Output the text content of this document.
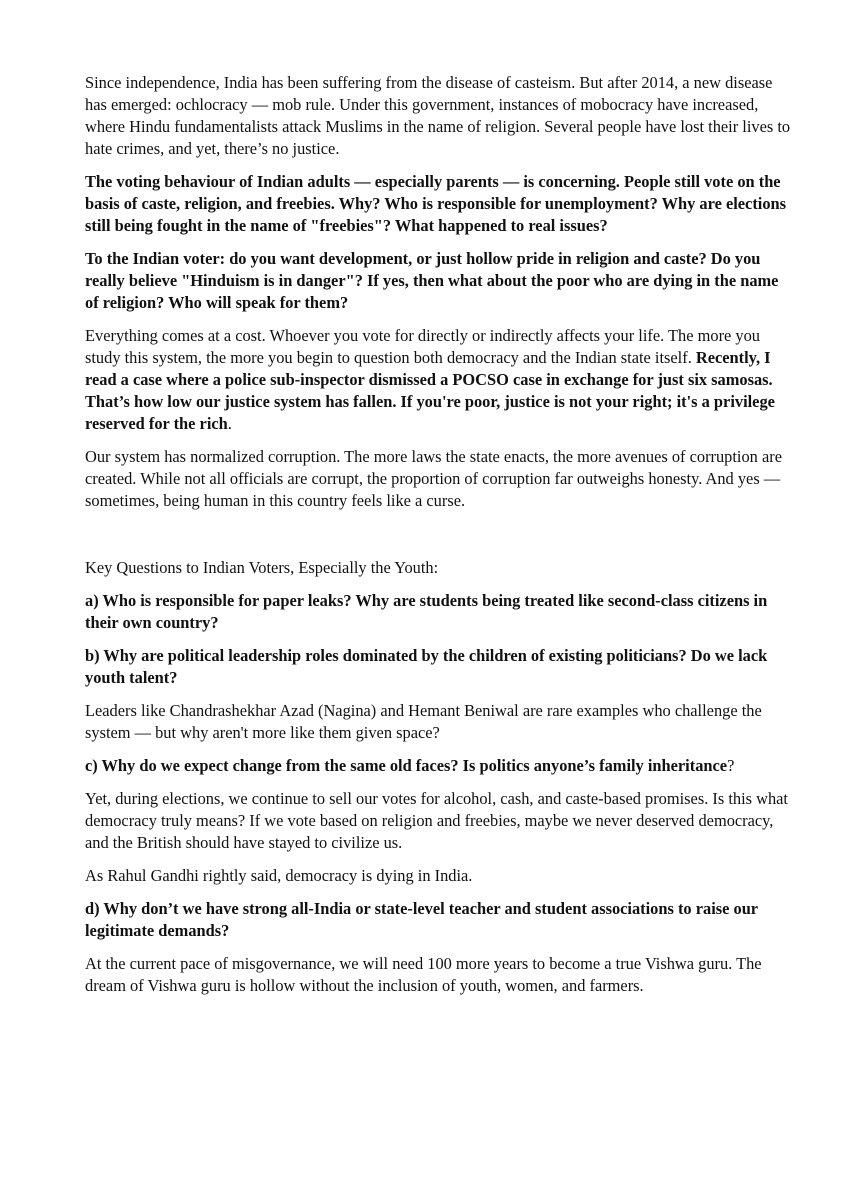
Since independence, India has been suffering from the disease of casteism. But after 2014, a new disease has emerged: ochlocracy — mob rule. Under this government, instances of mobocracy have increased, where Hindu fundamentalists attack Muslims in the name of religion. Several people have lost their lives to hate crimes, and yet, there’s no justice.

The voting behaviour of Indian adults — especially parents — is concerning. People still vote on the basis of caste, religion, and freebies. Why? Who is responsible for unemployment? Why are elections still being fought in the name of "freebies"? What happened to real issues?

To the Indian voter: do you want development, or just hollow pride in religion and caste? Do you really believe "Hinduism is in danger"? If yes, then what about the poor who are dying in the name of religion? Who will speak for them?

Everything comes at a cost. Whoever you vote for directly or indirectly affects your life. The more you study this system, the more you begin to question both democracy and the Indian state itself. Recently, I read a case where a police sub-inspector dismissed a POCSO case in exchange for just six samosas. That’s how low our justice system has fallen. If you're poor, justice is not your right; it's a privilege reserved for the rich.

Our system has normalized corruption. The more laws the state enacts, the more avenues of corruption are created. While not all officials are corrupt, the proportion of corruption far outweighs honesty. And yes — sometimes, being human in this country feels like a curse.

Key Questions to Indian Voters, Especially the Youth:

a) Who is responsible for paper leaks? Why are students being treated like second-class citizens in their own country?

b) Why are political leadership roles dominated by the children of existing politicians? Do we lack youth talent?

Leaders like Chandrashekhar Azad (Nagina) and Hemant Beniwal are rare examples who challenge the system — but why aren't more like them given space?

c) Why do we expect change from the same old faces? Is politics anyone’s family inheritance?

Yet, during elections, we continue to sell our votes for alcohol, cash, and caste-based promises. Is this what democracy truly means? If we vote based on religion and freebies, maybe we never deserved democracy, and the British should have stayed to civilize us.

As Rahul Gandhi rightly said, democracy is dying in India.

d) Why don’t we have strong all-India or state-level teacher and student associations to raise our legitimate demands?

At the current pace of misgovernance, we will need 100 more years to become a true Vishwa guru. The dream of Vishwa guru is hollow without the inclusion of youth, women, and farmers.
